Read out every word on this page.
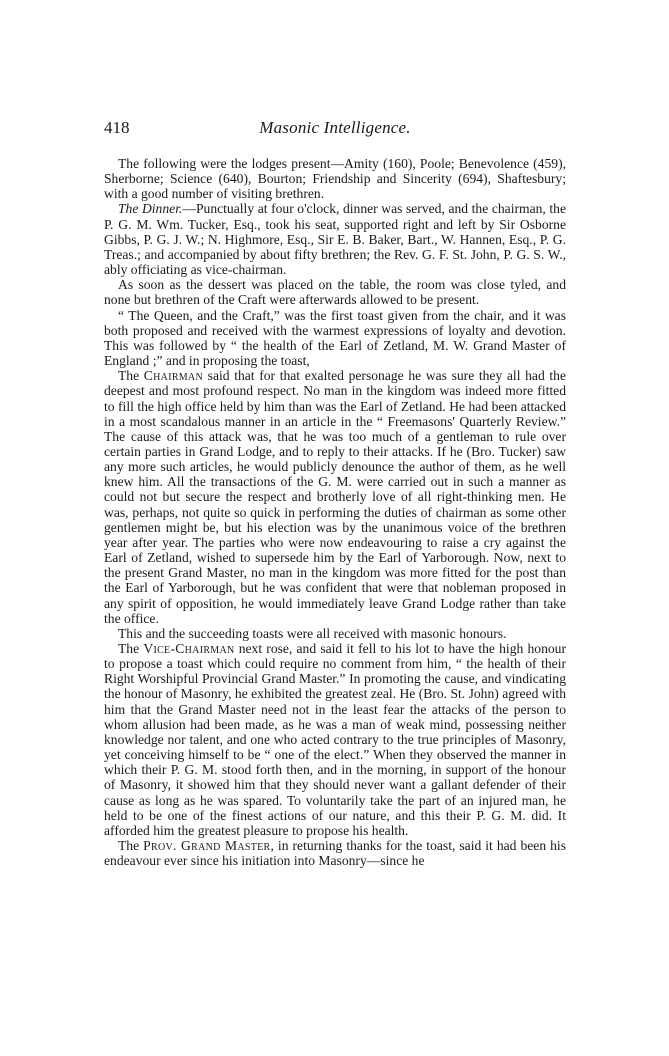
418	Masonic Intelligence.

The following were the lodges present—Amity (160), Poole; Benevolence (459), Sherborne; Science (640), Bourton; Friendship and Sincerity (694), Shaftesbury; with a good number of visiting brethren.

The Dinner.—Punctually at four o'clock, dinner was served, and the chairman, the P. G. M. Wm. Tucker, Esq., took his seat, supported right and left by Sir Osborne Gibbs, P. G. J. W.; N. Highmore, Esq., Sir E. B. Baker, Bart., W. Hannen, Esq., P. G. Treas.; and accompanied by about fifty brethren; the Rev. G. F. St. John, P. G. S. W., ably officiating as vice-chairman.

As soon as the dessert was placed on the table, the room was close tyled, and none but brethren of the Craft were afterwards allowed to be present.

“ The Queen, and the Craft,” was the first toast given from the chair, and it was both proposed and received with the warmest expressions of loyalty and devotion. This was followed by “ the health of the Earl of Zetland, M. W. Grand Master of England ;” and in proposing the toast,

The Chairman said that for that exalted personage he was sure they all had the deepest and most profound respect. No man in the kingdom was indeed more fitted to fill the high office held by him than was the Earl of Zetland. He had been attacked in a most scandalous manner in an article in the “ Freemasons' Quarterly Review.” The cause of this attack was, that he was too much of a gentleman to rule over certain parties in Grand Lodge, and to reply to their attacks. If he (Bro. Tucker) saw any more such articles, he would publicly denounce the author of them, as he well knew him. All the transactions of the G. M. were carried out in such a manner as could not but secure the respect and brotherly love of all right-thinking men. He was, perhaps, not quite so quick in performing the duties of chairman as some other gentlemen might be, but his election was by the unanimous voice of the brethren year after year. The parties who were now endeavouring to raise a cry against the Earl of Zetland, wished to supersede him by the Earl of Yarborough. Now, next to the present Grand Master, no man in the kingdom was more fitted for the post than the Earl of Yarborough, but he was confident that were that nobleman proposed in any spirit of opposition, he would immediately leave Grand Lodge rather than take the office.

This and the succeeding toasts were all received with masonic honours.

The Vice-Chairman next rose, and said it fell to his lot to have the high honour to propose a toast which could require no comment from him, “ the health of their Right Worshipful Provincial Grand Master.” In promoting the cause, and vindicating the honour of Masonry, he exhibited the greatest zeal. He (Bro. St. John) agreed with him that the Grand Master need not in the least fear the attacks of the person to whom allusion had been made, as he was a man of weak mind, possessing neither knowledge nor talent, and one who acted contrary to the true principles of Masonry, yet conceiving himself to be “ one of the elect.” When they observed the manner in which their P. G. M. stood forth then, and in the morning, in support of the honour of Masonry, it showed him that they should never want a gallant defender of their cause as long as he was spared. To voluntarily take the part of an injured man, he held to be one of the finest actions of our nature, and this their P. G. M. did. It afforded him the greatest pleasure to propose his health.

The Prov. Grand Master, in returning thanks for the toast, said it had been his endeavour ever since his initiation into Masonry—since he
